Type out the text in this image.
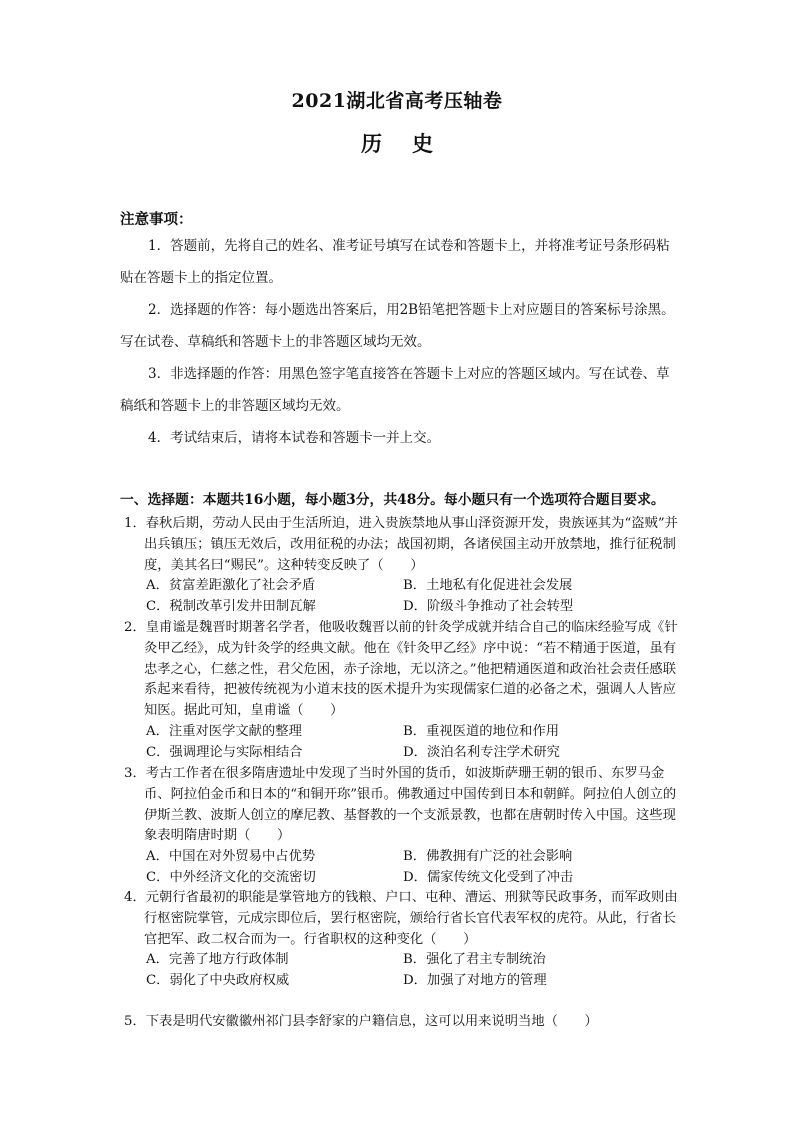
2021湖北省高考压轴卷
历史
注意事项：
1．答题前，先将自己的姓名、准考证号填写在试卷和答题卡上，并将准考证号条形码粘贴在答题卡上的指定位置。
2．选择题的作答：每小题选出答案后，用2B铅笔把答题卡上对应题目的答案标号涂黑。写在试卷、草稿纸和答题卡上的非答题区域均无效。
3．非选择题的作答：用黑色签字笔直接答在答题卡上对应的答题区域内。写在试卷、草稿纸和答题卡上的非答题区域均无效。
4．考试结束后，请将本试卷和答题卡一并上交。
一、选择题：本题共16小题，每小题3分，共48分。每小题只有一个选项符合题目要求。
1．春秋后期，劳动人民由于生活所迫，进入贵族禁地从事山泽资源开发，贵族诬其为“盗贼”并出兵镇压；镇压无效后，改用征税的办法；战国初期，各诸侯国主动开放禁地，推行征税制度，美其名曰“赐民”。这种转变反映了（　　）
A．贫富差距激化了社会矛盾	B．土地私有化促进社会发展
C．税制改革引发井田制瓦解	D．阶级斗争推动了社会转型
2．皇甫谧是魏晋时期著名学者，他吸收魏晋以前的针灸学成就并结合自己的临床经验写成《针灸甲乙经》，成为针灸学的经典文献。他在《针灸甲乙经》序中说：“若不精通于医道，虽有忠孝之心，仁慈之性，君父危困，赤子涂地，无以济之。”他把精通医道和政治社会责任感联系起来看待，把被传统视为小道末技的医术提升为实现儒家仁道的必备之术，强调人人皆应知医。据此可知，皇甫谧（　　）
A．注重对医学文献的整理	B．重视医道的地位和作用
C．强调理论与实际相结合	D．淡泊名利专注学术研究
3．考古工作者在很多隋唐遗址中发现了当时外国的货币，如波斯萨珊王朝的银币、东罗马金币、阿拉伯金币和日本的“和铜开珎”银币。佛教通过中国传到日本和朝鲜。阿拉伯人创立的伊斯兰教、波斯人创立的摩尼教、基督教的一个支派景教，也都在唐朝时传入中国。这些现象表明隋唐时期（　　）
A．中国在对外贸易中占优势	B．佛教拥有广泛的社会影响
C．中外经济文化的交流密切	D．儒家传统文化受到了冲击
4．元朝行省最初的职能是掌管地方的钱粮、户口、屯种、漕运、刑狱等民政事务，而军政则由行枢密院掌管，元成宗即位后，罢行枢密院，颁给行省长官代表军权的虎符。从此，行省长官把军、政二权合而为一。行省职权的这种变化（　　）
A．完善了地方行政体制	B．强化了君主专制统治
C．弱化了中央政府权威	D．加强了对地方的管理
5．下表是明代安徽徽州祁门县李舒家的户籍信息，这可以用来说明当地（　　）
